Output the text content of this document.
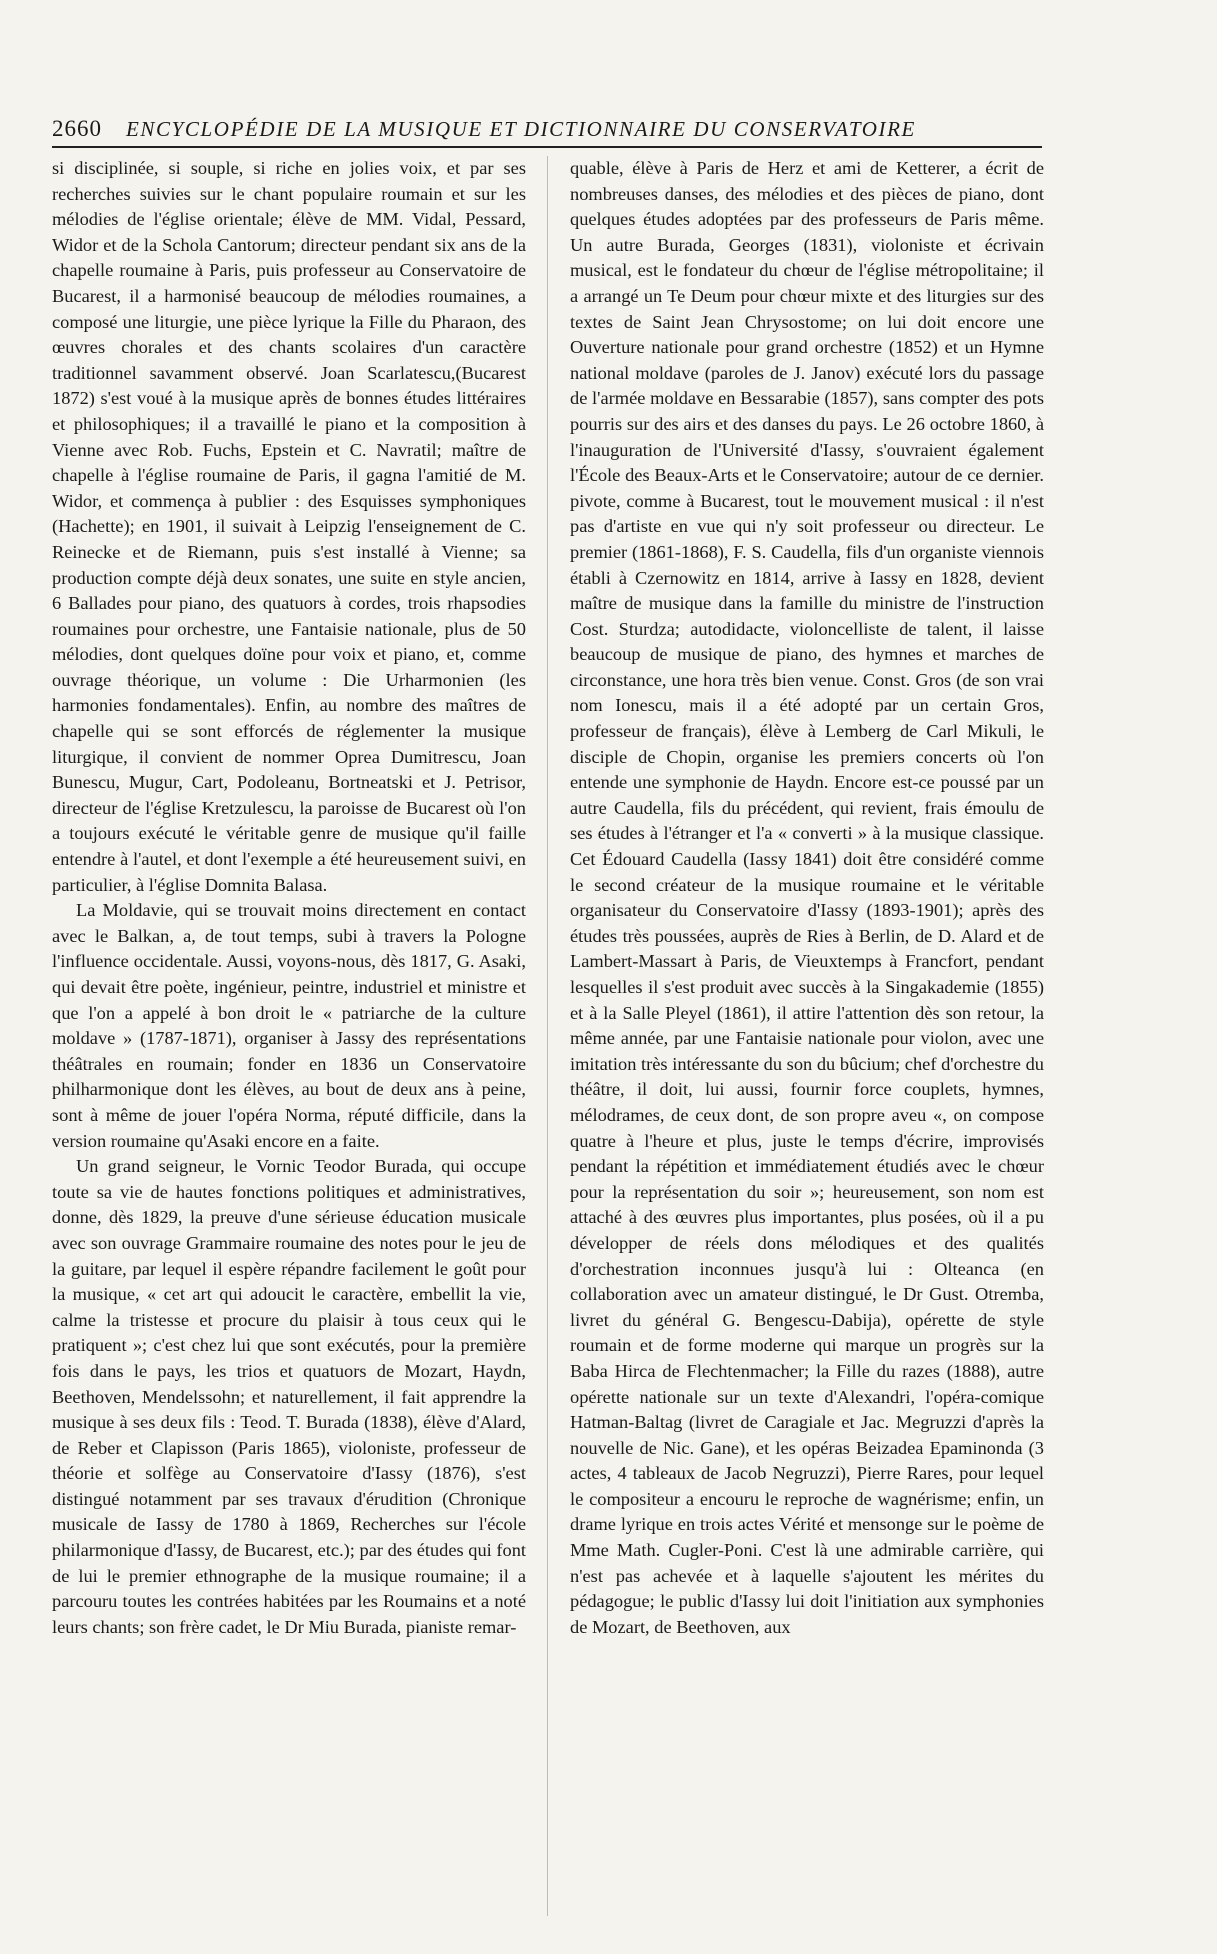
2660 ENCYCLOPÉDIE DE LA MUSIQUE ET DICTIONNAIRE DU CONSERVATOIRE

si disciplinée, si souple, si riche en jolies voix, et par ses recherches suivies sur le chant populaire roumain et sur les mélodies de l'église orientale; élève de MM. Vidal, Pessard, Widor et de la Schola Cantorum; directeur pendant six ans de la chapelle roumaine à Paris, puis professeur au Conservatoire de Bucarest, il a harmonisé beaucoup de mélodies roumaines, a composé une liturgie, une pièce lyrique la Fille du Pharaon, des œuvres chorales et des chants scolaires d'un caractère traditionnel savamment observé. Joan Scarlatescu,(Bucarest 1872) s'est voué à la musique après de bonnes études littéraires et philosophiques; il a travaillé le piano et la composition à Vienne avec Rob. Fuchs, Epstein et C. Navratil; maître de chapelle à l'église roumaine de Paris, il gagna l'amitié de M. Widor, et commença à publier : des Esquisses symphoniques (Hachette); en 1901, il suivait à Leipzig l'enseignement de C. Reinecke et de Riemann, puis s'est installé à Vienne; sa production compte déjà deux sonates, une suite en style ancien, 6 Ballades pour piano, des quatuors à cordes, trois rhapsodies roumaines pour orchestre, une Fantaisie nationale, plus de 50 mélodies, dont quelques doïne pour voix et piano, et, comme ouvrage théorique, un volume : Die Urharmonien (les harmonies fondamentales). Enfin, au nombre des maîtres de chapelle qui se sont efforcés de réglementer la musique liturgique, il convient de nommer Oprea Dumitrescu, Joan Bunescu, Mugur, Cart, Podoleanu, Bortneatski et J. Petrisor, directeur de l'église Kretzulescu, la paroisse de Bucarest où l'on a toujours exécuté le véritable genre de musique qu'il faille entendre à l'autel, et dont l'exemple a été heureusement suivi, en particulier, à l'église Domnita Balasa.

La Moldavie, qui se trouvait moins directement en contact avec le Balkan, a, de tout temps, subi à travers la Pologne l'influence occidentale. Aussi, voyons-nous, dès 1817, G. Asaki, qui devait être poète, ingénieur, peintre, industriel et ministre et que l'on a appelé à bon droit le « patriarche de la culture moldave » (1787-1871), organiser à Jassy des représentations théâtrales en roumain; fonder en 1836 un Conservatoire philharmonique dont les élèves, au bout de deux ans à peine, sont à même de jouer l'opéra Norma, réputé difficile, dans la version roumaine qu'Asaki encore en a faite.

Un grand seigneur, le Vornic Teodor Burada, qui occupe toute sa vie de hautes fonctions politiques et administratives, donne, dès 1829, la preuve d'une sérieuse éducation musicale avec son ouvrage Grammaire roumaine des notes pour le jeu de la guitare, par lequel il espère répandre facilement le goût pour la musique, « cet art qui adoucit le caractère, embellit la vie, calme la tristesse et procure du plaisir à tous ceux qui le pratiquent »; c'est chez lui que sont exécutés, pour la première fois dans le pays, les trios et quatuors de Mozart, Haydn, Beethoven, Mendelssohn; et naturellement, il fait apprendre la musique à ses deux fils : Teod. T. Burada (1838), élève d'Alard, de Reber et Clapisson (Paris 1865), violoniste, professeur de théorie et solfège au Conservatoire d'Iassy (1876), s'est distingué notamment par ses travaux d'érudition (Chronique musicale de Iassy de 1780 à 1869, Recherches sur l'école philarmonique d'Iassy, de Bucarest, etc.); par des études qui font de lui le premier ethnographe de la musique roumaine; il a parcouru toutes les contrées habitées par les Roumains et a noté leurs chants; son frère cadet, le Dr Miu Burada, pianiste remar-

quable, élève à Paris de Herz et ami de Ketterer, a écrit de nombreuses danses, des mélodies et des pièces de piano, dont quelques études adoptées par des professeurs de Paris même. Un autre Burada, Georges (1831), violoniste et écrivain musical, est le fondateur du chœur de l'église métropolitaine; il a arrangé un Te Deum pour chœur mixte et des liturgies sur des textes de Saint Jean Chrysostome; on lui doit encore une Ouverture nationale pour grand orchestre (1852) et un Hymne national moldave (paroles de J. Janov) exécuté lors du passage de l'armée moldave en Bessarabie (1857), sans compter des pots pourris sur des airs et des danses du pays. Le 26 octobre 1860, à l'inauguration de l'Université d'Iassy, s'ouvraient également l'École des Beaux-Arts et le Conservatoire; autour de ce dernier. pivote, comme à Bucarest, tout le mouvement musical : il n'est pas d'artiste en vue qui n'y soit professeur ou directeur. Le premier (1861-1868), F. S. Caudella, fils d'un organiste viennois établi à Czernowitz en 1814, arrive à Iassy en 1828, devient maître de musique dans la famille du ministre de l'instruction Cost. Sturdza; autodidacte, violoncelliste de talent, il laisse beaucoup de musique de piano, des hymnes et marches de circonstance, une hora très bien venue. Const. Gros (de son vrai nom Ionescu, mais il a été adopté par un certain Gros, professeur de français), élève à Lemberg de Carl Mikuli, le disciple de Chopin, organise les premiers concerts où l'on entende une symphonie de Haydn. Encore est-ce poussé par un autre Caudella, fils du précédent, qui revient, frais émoulu de ses études à l'étranger et l'a « converti » à la musique classique. Cet Édouard Caudella (Iassy 1841) doit être considéré comme le second créateur de la musique roumaine et le véritable organisateur du Conservatoire d'Iassy (1893-1901); après des études très poussées, auprès de Ries à Berlin, de D. Alard et de Lambert-Massart à Paris, de Vieuxtemps à Francfort, pendant lesquelles il s'est produit avec succès à la Singakademie (1855) et à la Salle Pleyel (1861), il attire l'attention dès son retour, la même année, par une Fantaisie nationale pour violon, avec une imitation très intéressante du son du bûcium; chef d'orchestre du théâtre, il doit, lui aussi, fournir force couplets, hymnes, mélodrames, de ceux dont, de son propre aveu «, on compose quatre à l'heure et plus, juste le temps d'écrire, improvisés pendant la répétition et immédiatement étudiés avec le chœur pour la représentation du soir »; heureusement, son nom est attaché à des œuvres plus importantes, plus posées, où il a pu développer de réels dons mélodiques et des qualités d'orchestration inconnues jusqu'à lui : Olteanca (en collaboration avec un amateur distingué, le Dr Gust. Otremba, livret du général G. Bengescu-Dabija), opérette de style roumain et de forme moderne qui marque un progrès sur la Baba Hirca de Flechtenmacher; la Fille du razes (1888), autre opérette nationale sur un texte d'Alexandri, l'opéra-comique Hatman-Baltag (livret de Caragiale et Jac. Megruzzi d'après la nouvelle de Nic. Gane), et les opéras Beizadea Epaminonda (3 actes, 4 tableaux de Jacob Negruzzi), Pierre Rares, pour lequel le compositeur a encouru le reproche de wagnérisme; enfin, un drame lyrique en trois actes Vérité et mensonge sur le poème de Mme Math. Cugler-Poni. C'est là une admirable carrière, qui n'est pas achevée et à laquelle s'ajoutent les mérites du pédagogue; le public d'Iassy lui doit l'initiation aux symphonies de Mozart, de Beethoven, aux
